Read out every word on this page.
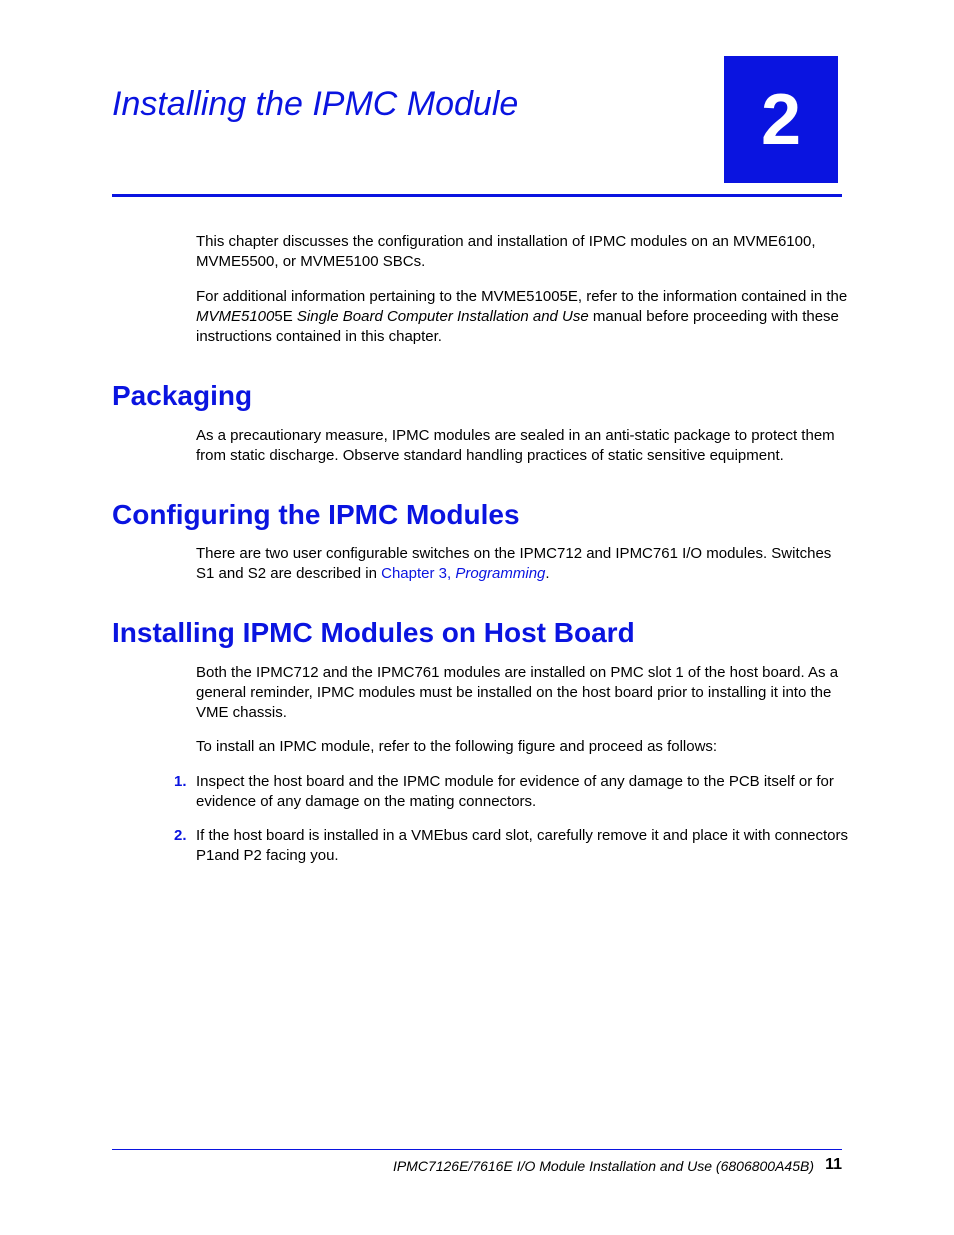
Installing the IPMC Module	2

This chapter discusses the configuration and installation of IPMC modules on an MVME6100, MVME5500, or MVME5100 SBCs.

For additional information pertaining to the MVME51005E, refer to the information contained in the MVME51005E Single Board Computer Installation and Use manual before proceeding with these instructions contained in this chapter.

Packaging

As a precautionary measure, IPMC modules are sealed in an anti-static package to protect them from static discharge. Observe standard handling practices of static sensitive equipment.

Configuring the IPMC Modules

There are two user configurable switches on the IPMC712 and IPMC761 I/O modules. Switches S1 and S2 are described in Chapter 3, Programming.

Installing IPMC Modules on Host Board

Both the IPMC712 and the IPMC761 modules are installed on PMC slot 1 of the host board. As a general reminder, IPMC modules must be installed on the host board prior to installing it into the VME chassis.

To install an IPMC module, refer to the following figure and proceed as follows:

1. Inspect the host board and the IPMC module for evidence of any damage to the PCB itself or for evidence of any damage on the mating connectors.

2. If the host board is installed in a VMEbus card slot, carefully remove it and place it with connectors P1and P2 facing you.

IPMC7126E/7616E I/O Module Installation and Use (6806800A45B) 11
